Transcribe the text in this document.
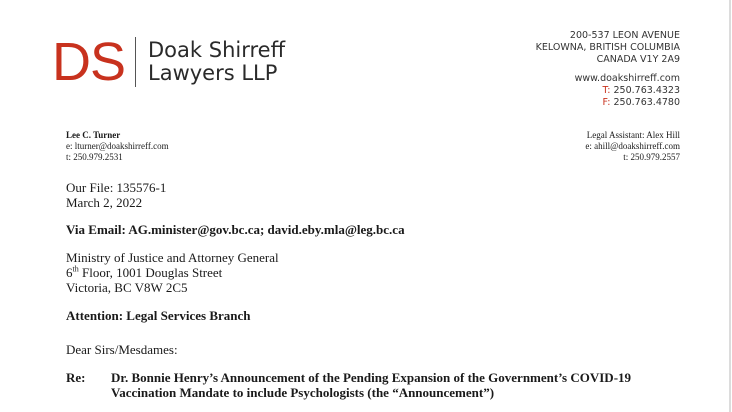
DS Doak Shirreff
Lawyers LLP
200-537 LEON AVENUE
KELOWNA, BRITISH COLUMBIA
CANADA V1Y 2A9
www.doakshirreff.com
T: 250.763.4323
F: 250.763.4780
Lee C. Turner
e: lturner@doakshirreff.com
t: 250.979.2531
Legal Assistant: Alex Hill
e: ahill@doakshirreff.com
t: 250.979.2557
Our File: 135576-1
March 2, 2022
Via Email: AG.minister@gov.bc.ca; david.eby.mla@leg.bc.ca
Ministry of Justice and Attorney General
6th Floor, 1001 Douglas Street
Victoria, BC V8W 2C5
Attention: Legal Services Branch
Dear Sirs/Mesdames:
Re:	Dr. Bonnie Henry’s Announcement of the Pending Expansion of the Government’s COVID-19 Vaccination Mandate to include Psychologists (the “Announcement”)
